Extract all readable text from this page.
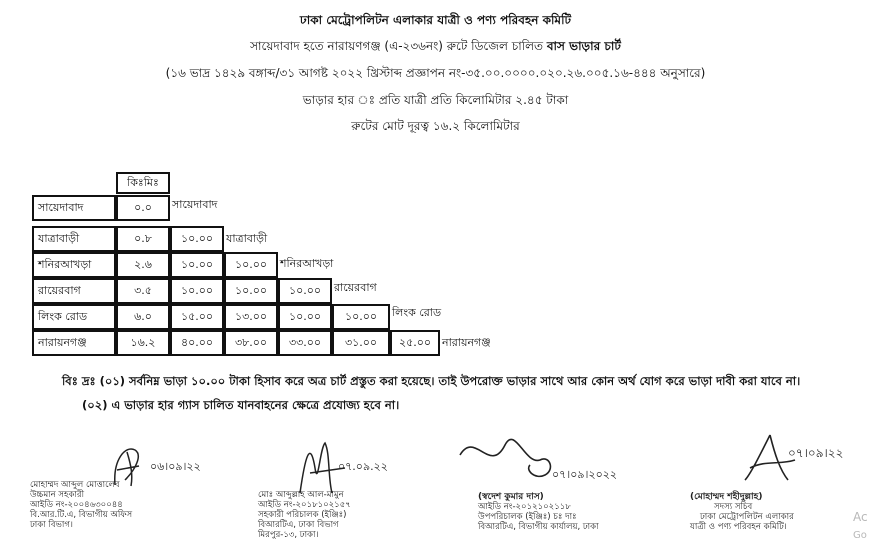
ঢাকা মেট্রোপলিটন এলাকার যাত্রী ও পণ্য পরিবহন কমিটি
সায়েদাবাদ হতে নারায়ণগঞ্জ (এ-২৩৬নং) রুটে ডিজেল চালিত বাস ভাড়ার চার্ট
(১৬ ভাদ্র ১৪২৯ বঙ্গাব্দ/৩১ আগষ্ট ২০২২ খ্রিস্টাব্দ প্রজ্ঞাপন নং-৩৫.০০.০০০০.০২০.২৬.০০৫.১৬-৪৪৪ অনুসারে)
ভাড়ার হার ঃ প্রতি যাত্রী প্রতি কিলোমিটার ২.৪৫ টাকা
রুটের মোট দূরত্ব ১৬.২ কিলোমিটার
কিঃমিঃ
সায়েদাবাদ	০.০	সায়েদাবাদ
যাত্রাবাড়ী	০.৮	১০.০০	যাত্রাবাড়ী
শনিরআখড়া	২.৬	১০.০০	১০.০০	শনিরআখড়া
রায়েরবাগ	৩.৫	১০.০০	১০.০০	১০.০০	রায়েরবাগ
লিংক রোড	৬.০	১৫.০০	১৩.০০	১০.০০	১০.০০	লিংক রোড
নারায়নগঞ্জ	১৬.২	৪০.০০	৩৮.০০	৩৩.০০	৩১.০০	২৫.০০ নারায়নগঞ্জ
বিঃ দ্রঃ (০১) সর্বনিম্ন ভাড়া ১০.০০ টাকা হিসাব করে অত্র চার্ট প্রস্তুত করা হয়েছে। তাই উপরোক্ত ভাড়ার সাথে আর কোন অর্থ যোগ করে ভাড়া দাবী করা যাবে না।
(০২) এ ভাড়ার হার গ্যাস চালিত যানবাহনের ক্ষেত্রে প্রযোজ্য হবে না।
০৬।০৯।২২
মোহাম্মদ আব্দুল মোত্তালেব
উচ্চমান সহকারী
আইডি নং-২০০৪৬৩০০৪৪
বি.আর.টি.এ, বিভাগীয় অফিস
ঢাকা বিভাগ।
০৭.০৯.২২
মোঃ আব্দুল্লাহ আল-মামুন
আইডি নং-২০১৮১০২১৫৭
সহকারী পরিচালক (ইঞ্জিঃ)
বিআরটিএ, ঢাকা বিভাগ
মিরপুর-১৩, ঢাকা।
০৭।০৯।২০২২
(স্বদেশ কুমার দাস)
আইডি নং-২০১২১০২১১৮
উপপরিচালক (ইঞ্জিঃ) চঃ দাঃ
বিআরটিএ, বিভাগীয় কার্যালয়, ঢাকা
০৭।০৯।২২
(মোহাম্মদ শহীদুল্লাহ)
সদস্য সচিব
ঢাকা মেট্রোপলিটন এলাকার
যাত্রী ও পণ্য পরিবহন কমিটি।
Ac
Go
